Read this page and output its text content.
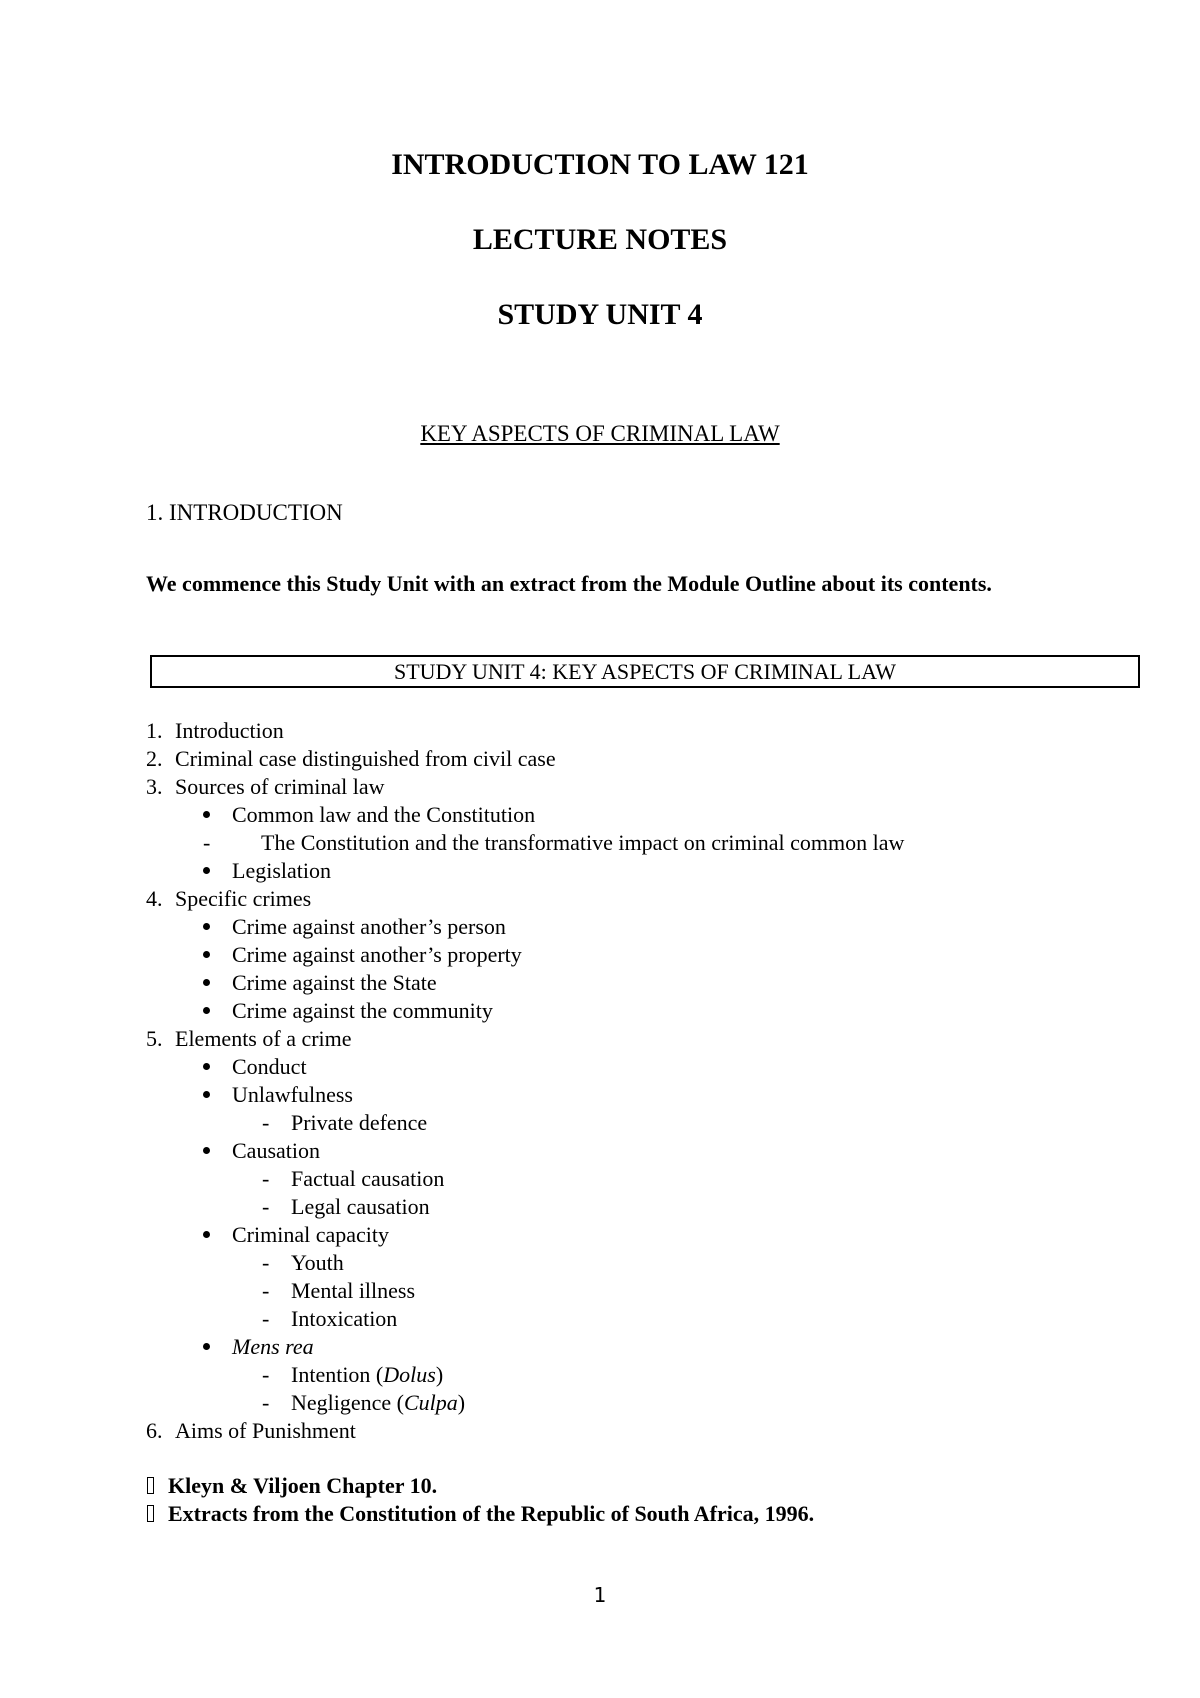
INTRODUCTION TO LAW 121
LECTURE NOTES
STUDY UNIT 4

KEY ASPECTS OF CRIMINAL LAW

1. INTRODUCTION

We commence this Study Unit with an extract from the Module Outline about its contents.

STUDY UNIT 4: KEY ASPECTS OF CRIMINAL LAW
1. Introduction
2. Criminal case distinguished from civil case
3. Sources of criminal law
Common law and the Constitution
- The Constitution and the transformative impact on criminal common law
Legislation
4. Specific crimes
Crime against another’s person
Crime against another’s property
Crime against the State
Crime against the community
5. Elements of a crime
Conduct
Unlawfulness
- Private defence
Causation
- Factual causation
- Legal causation
Criminal capacity
- Youth
- Mental illness
- Intoxication
Mens rea
- Intention (Dolus)
- Negligence (Culpa)
6. Aims of Punishment
Kleyn & Viljoen Chapter 10.
Extracts from the Constitution of the Republic of South Africa, 1996.
1
